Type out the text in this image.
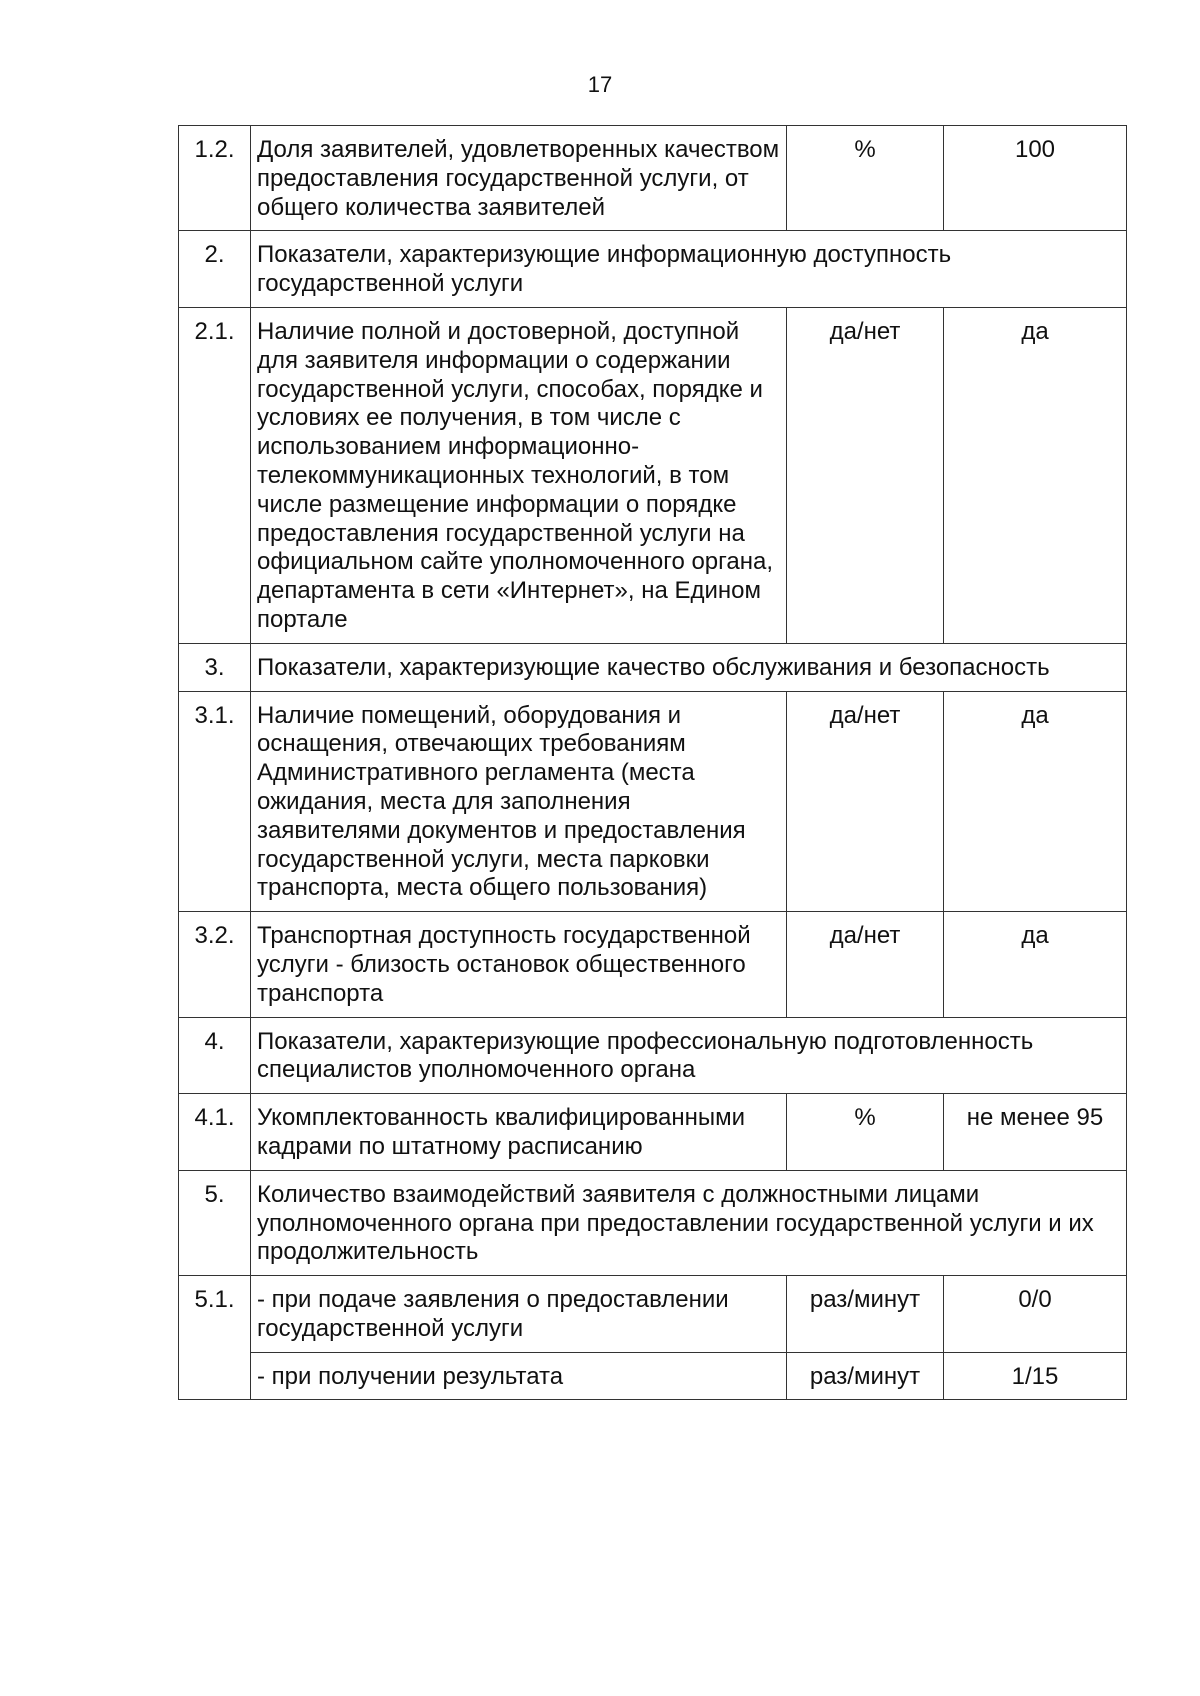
17
1.2.	Доля заявителей, удовлетворенных качеством предоставления государственной услуги, от общего количества заявителей	%	100
2.	Показатели, характеризующие информационную доступность государственной услуги		
2.1.	Наличие полной и достоверной, доступной для заявителя информации о содержании государственной услуги, способах, порядке и условиях ее получения, в том числе с использованием информационно-телекоммуникационных технологий, в том числе размещение информации о порядке предоставления государственной услуги на официальном сайте уполномоченного органа, департамента в сети «Интернет», на Едином портале	да/нет	да
3.	Показатели, характеризующие качество обслуживания и безопасность		
3.1.	Наличие помещений, оборудования и оснащения, отвечающих требованиям Административного регламента (места ожидания, места для заполнения заявителями документов и предоставления государственной услуги, места парковки транспорта, места общего пользования)	да/нет	да
3.2.	Транспортная доступность государственной услуги - близость остановок общественного транспорта	да/нет	да
4.	Показатели, характеризующие профессиональную подготовленность специалистов уполномоченного органа		
4.1.	Укомплектованность квалифицированными кадрами по штатному расписанию	%	не менее 95
5.	Количество взаимодействий заявителя с должностными лицами уполномоченного органа при предоставлении государственной услуги и их продолжительность		
5.1.	- при подаче заявления о предоставлении государственной услуги	раз/минут	0/0
	- при получении результата	раз/минут	1/15
